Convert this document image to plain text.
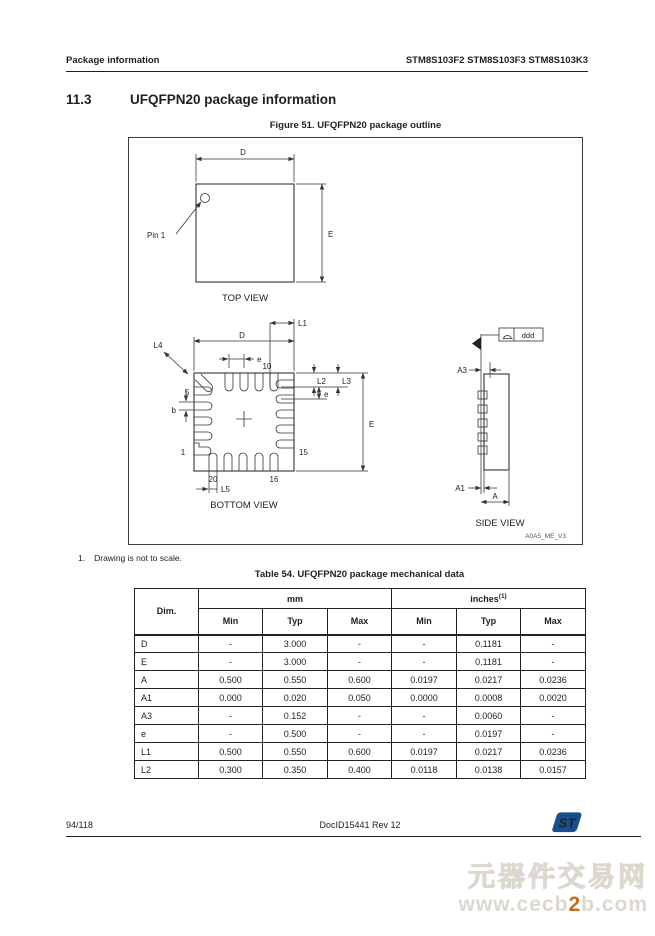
Package information	STM8S103F2 STM8S103F3 STM8S103K3
11.3	UFQFPN20 package information
Figure 51. UFQFPN20 package outline
Pin 1
D
E
TOP VIEW
D
L1
L4
e
b
L5
E
L2 L3
e
10
5
1	15
20	16
BOTTOM VIEW
ddd
A3
A1
A
SIDE VIEW
A0A5_ME_V3
1. Drawing is not to scale.
Table 54. UFQFPN20 package mechanical data
Dim.	mm			inches$^{(1)}$
	Min	Typ	Max	Min	Typ	Max
D	-	3.000	-	-	0.1181	-
E	-	3.000	-	-	0.1181	-
A	0.500	0.550	0.600	0.0197	0.0217	0.0236
A1	0.000	0.020	0.050	0.0000	0.0008	0.0020
A3	-	0.152	-	-	0.0060	-
e	-	0.500	-	-	0.0197	-
L1	0.500	0.550	0.600	0.0197	0.0217	0.0236
L2	0.300	0.350	0.400	0.0118	0.0138	0.0157
94/118	DocID15441 Rev 12	ST
元器件交易网
www.cecb2b.com
